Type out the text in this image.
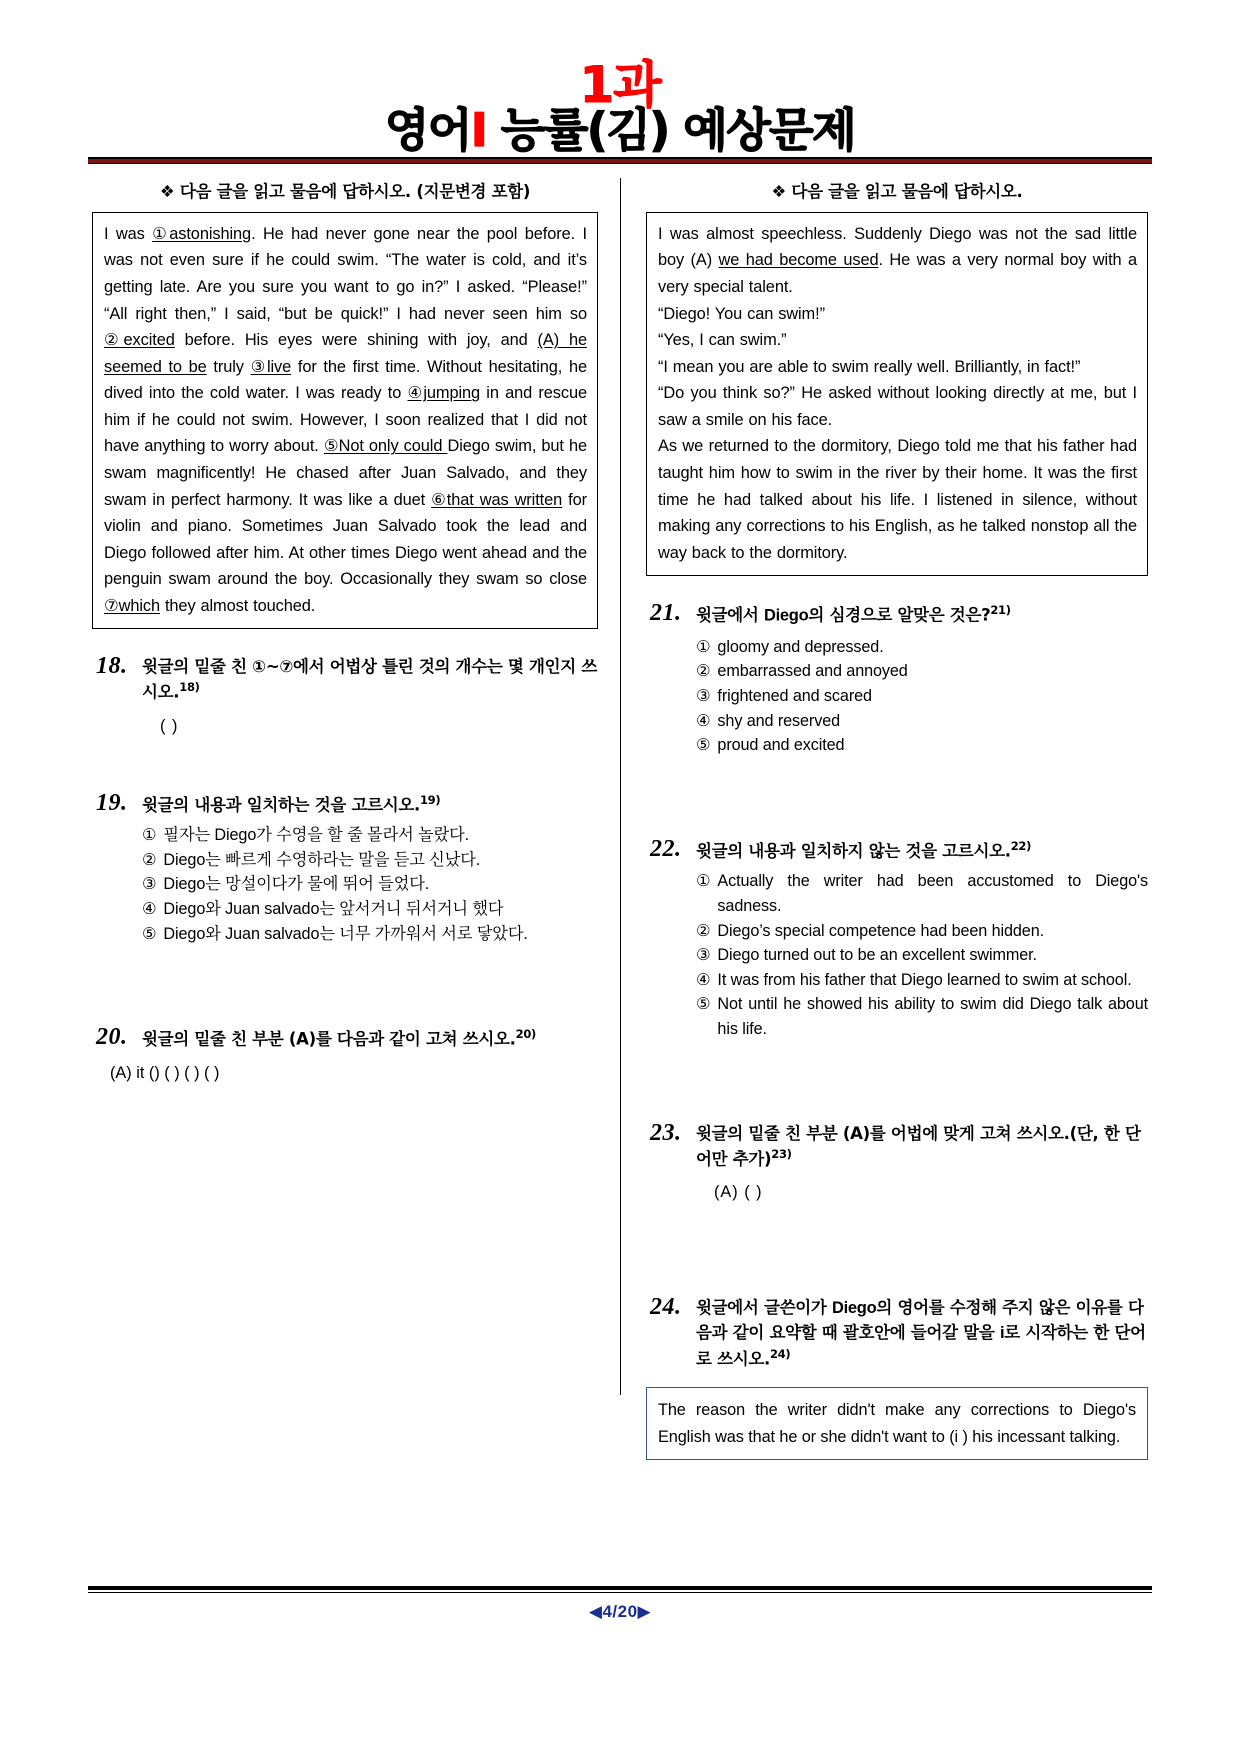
1과
영어I 능률(김) 예상문제
❖ 다음 글을 읽고 물음에 답하시오. (지문변경 포함)

I was ①astonishing. He had never gone near the pool before. I was not even sure if he could swim. “The water is cold, and it’s getting late. Are you sure you want to go in?” I asked. “Please!” “All right then,” I said, “but be quick!” I had never seen him so ②excited before. His eyes were shining with joy, and (A) he seemed to be truly ③live for the first time. Without hesitating, he dived into the cold water. I was ready to ④jumping in and rescue him if he could not swim. However, I soon realized that I did not have anything to worry about. ⑤Not only could Diego swim, but he swam magnificently! He chased after Juan Salvado, and they swam in perfect harmony. It was like a duet ⑥that was written for violin and piano. Sometimes Juan Salvado took the lead and Diego followed after him. At other times Diego went ahead and the penguin swam around the boy. Occasionally they swam so close ⑦which they almost touched.

18. 윗글의 밑줄 친 ①~⑦에서 어법상 틀린 것의 개수는 몇 개인지 쓰시오.$^{18)}$
( )
19. 윗글의 내용과 일치하는 것을 고르시오.$^{19)}$
① 필자는 Diego가 수영을 할 줄 몰라서 놀랐다.
② Diego는 빠르게 수영하라는 말을 듣고 신났다.
③ Diego는 망설이다가 물에 뛰어 들었다.
④ Diego와 Juan salvado는 앞서거니 뒤서거니 했다
⑤ Diego와 Juan salvado는 너무 가까워서 서로 닿았다.
20. 윗글의 밑줄 친 부분 (A)를 다음과 같이 고쳐 쓰시오.$^{20)}$
(A) it () ( ) ( ) ( )
❖ 다음 글을 읽고 물음에 답하시오.

I was almost speechless. Suddenly Diego was not the sad little boy (A) we had become used. He was a very normal boy with a very special talent.

“Diego! You can swim!”

“Yes, I can swim.”

“I mean you are able to swim really well. Brilliantly, in fact!”

“Do you think so?” He asked without looking directly at me, but I saw a smile on his face.

As we returned to the dormitory, Diego told me that his father had taught him how to swim in the river by their home. It was the first time he had talked about his life. I listened in silence, without making any corrections to his English, as he talked nonstop all the way back to the dormitory.

21. 윗글에서 Diego의 심경으로 알맞은 것은?$^{21)}$
① gloomy and depressed.
② embarrassed and annoyed
③ frightened and scared
④ shy and reserved
⑤ proud and excited
22. 윗글의 내용과 일치하지 않는 것을 고르시오.$^{22)}$
① Actually the writer had been accustomed to Diego's sadness.
② Diego’s special competence had been hidden.
③ Diego turned out to be an excellent swimmer.
④ It was from his father that Diego learned to swim at school.
⑤ Not until he showed his ability to swim did Diego talk about his life.
23. 윗글의 밑줄 친 부분 (A)를 어법에 맞게 고쳐 쓰시오.(단, 한 단어만 추가)$^{23)}$
(A) ( )
24. 윗글에서 글쓴이가 Diego의 영어를 수정해 주지 않은 이유를 다음과 같이 요약할 때 괄호안에 들어갈 말을 i로 시작하는 한 단어로 쓰시오.$^{24)}$
The reason the writer didn't make any corrections to Diego's English was that he or she didn't want to (i ) his incessant talking.
◀4/20▶
